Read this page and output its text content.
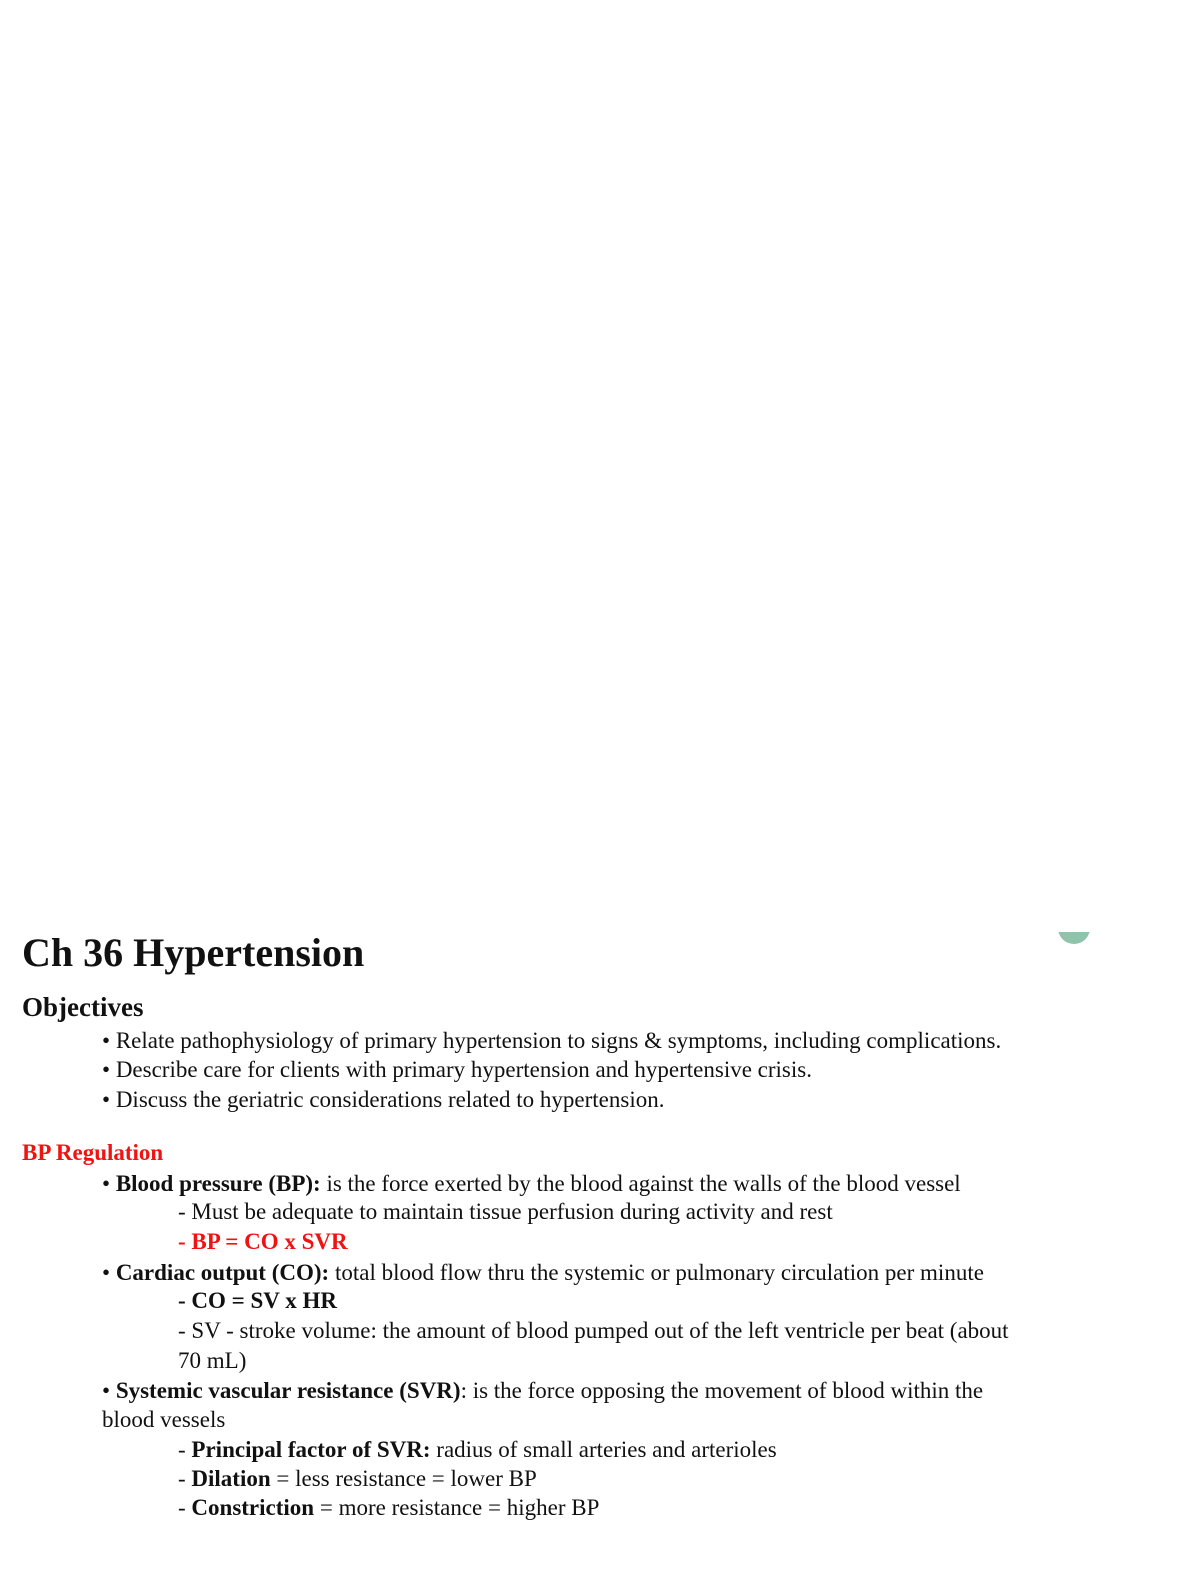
Ch 36 Hypertension
Objectives

• Relate pathophysiology of primary hypertension to signs & symptoms, including complications.

• Describe care for clients with primary hypertension and hypertensive crisis.

• Discuss the geriatric considerations related to hypertension.

BP Regulation

• Blood pressure (BP): is the force exerted by the blood against the walls of the blood vessel

- Must be adequate to maintain tissue perfusion during activity and rest

- BP = CO x SVR

• Cardiac output (CO): total blood flow thru the systemic or pulmonary circulation per minute

- CO = SV x HR

- SV - stroke volume: the amount of blood pumped out of the left ventricle per beat (about

70 mL)

• Systemic vascular resistance (SVR): is the force opposing the movement of blood within the

blood vessels

- Principal factor of SVR: radius of small arteries and arterioles

- Dilation = less resistance = lower BP

- Constriction = more resistance = higher BP
